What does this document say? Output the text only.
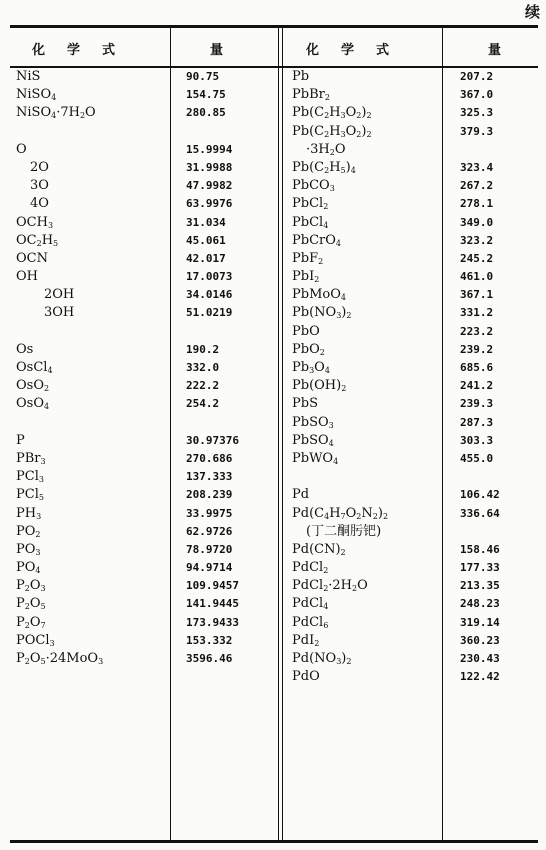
续
化学式	量	化学式	量
NiS	90.75
NiSO$_4$	154.75
$NiSO_4\cdot 7H_2O$	280.85
O	15.9994
2O	31.9988
3O	47.9982
4O	63.9976
$OCH_3$	31.034
$OC_2H_5$	45.061
OCN	42.017
OH	17.0073
2OH	34.0146
3OH	51.0219
Os	190.2
OsCl$_4$	332.0
OsO$_2$	222.2
OsO$_4$	254.2
P	30.97376
PBr$_3$	270.686
PCl$_3$	137.333
PCl$_5$	208.239
$PH_3$	33.9975
$PO_2$	62.9726
$PO_3$	78.9720
$PO_4$	94.9714
$P_2O_3$	109.9457
$P_2O_5$	141.9445
$P_2O_7$	173.9433
POCl$_3$	153.332
$P_2O_5\cdot 24MoO_3$	3596.46
Pb	207.2
PbBr$_2$	367.0
$Pb(C_2H_3O_2)_2$	325.3
$Pb(C_2H_3O_2)_2$	379.3
$\cdot 3H_2O$
$Pb(C_2H_5)_4$	323.4
PbCO$_3$	267.2
PbCl$_2$	278.1
PbCl$_4$	349.0
PbCrO$_4$	323.2
PbF$_2$	245.2
PbI$_2$	461.0
PbMoO$_4$	367.1
$Pb(NO_3)_2$	331.2
PbO	223.2
PbO$_2$	239.2
$Pb_3O_4$	685.6
$Pb(OH)_2$	241.2
PbS	239.3
PbSO$_3$	287.3
PbSO$_4$	303.3
PbWO$_4$	455.0
Pd	106.42
$Pd(C_4H_7O_2N_2)_2$	336.64
(丁二酮肟钯)
$Pd(CN)_2$	158.46
PdCl$_2$	177.33
$PdCl_2\cdot 2H_2O$	213.35
PdCl$_4$	248.23
PdCl$_6$	319.14
PdI$_2$	360.23
$Pd(NO_3)_2$	230.43
PdO	122.42
